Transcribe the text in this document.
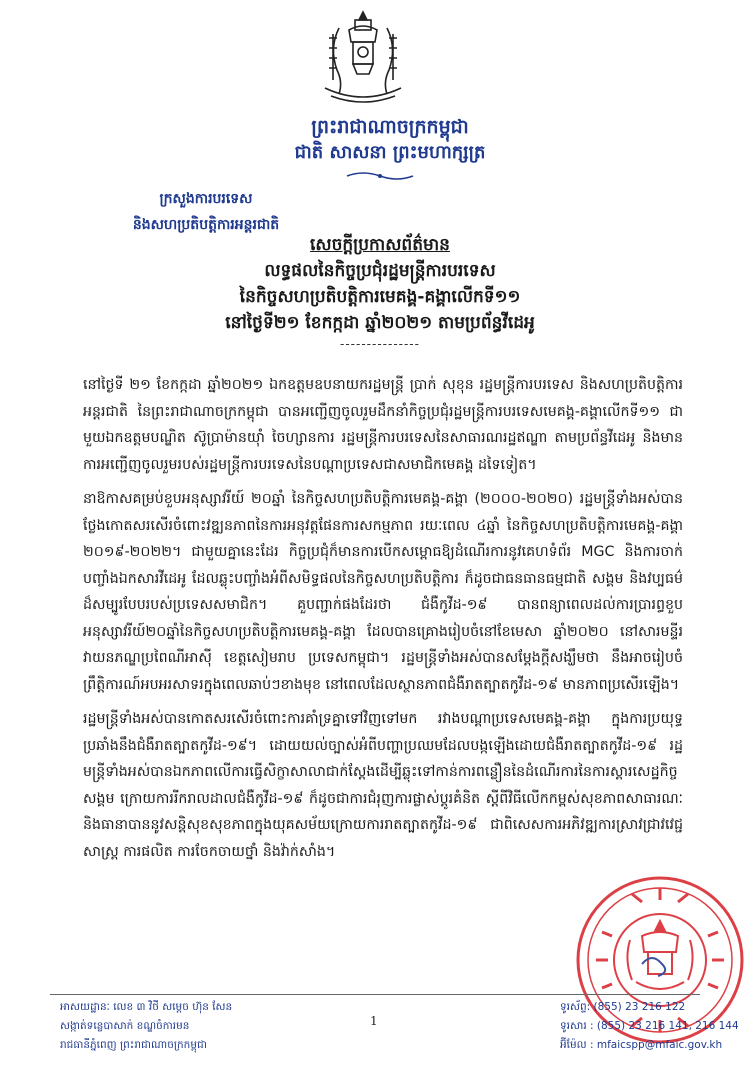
ព្រះរាជាណាចក្រកម្ពុជា
ជាតិ សាសនា ព្រះមហាក្សត្រ
ក្រសួងការបរទេស
និងសហប្រតិបត្តិការអន្តរជាតិ
សេចក្តីប្រកាសព័ត៌មាន
លទ្ធផលនៃកិច្ចប្រជុំរដ្ឋមន្ត្រីការបរទេស
នៃកិច្ចសហប្រតិបត្តិការមេគង្គ-គង្គាលើកទី១១
នៅថ្ងៃទី២១ ខែកក្កដា ឆ្នាំ២០២១ តាមប្រព័ន្ធវីដេអូ
---------------

នៅថ្ងៃទី ២១ ខែកក្កដា ឆ្នាំ២០២១ ឯកឧត្តមឧបនាយករដ្ឋមន្ត្រី ប្រាក់ សុខុន រដ្ឋមន្ត្រីការបរទេស និងសហប្រតិបត្តិការអន្តរជាតិ នៃព្រះរាជាណាចក្រកម្ពុជា បានអញ្ជើញចូលរួមដឹកនាំកិច្ចប្រជុំរដ្ឋមន្ត្រីការបរទេសមេគង្គ-គង្គាលើកទី១១ ជាមួយឯកឧត្តមបណ្ឌិត ស៊ូប្រាម៉ានយ៉ាំ ចៃហ្សានការ រដ្ឋមន្ត្រីការបរទេសនៃសាធារណរដ្ឋឥណ្ឌា តាមប្រព័ន្ធវីដេអូ និងមានការអញ្ជើញចូលរួមរបស់រដ្ឋមន្ត្រីការបរទេសនៃបណ្តាប្រទេសជាសមាជិកមេគង្គ ដទៃទៀត។

នាឱកាសគម្រប់ខួបអនុស្សាវរីយ៍ ២០ឆ្នាំ នៃកិច្ចសហប្រតិបត្តិការមេគង្គ-គង្គា (២០០០-២០២០) រដ្ឋមន្ត្រីទាំងអស់បានថ្លែងកោតសរសើរចំពោះវឌ្ឍនភាពនៃការអនុវត្តផែនការសកម្មភាព រយៈពេល ៤ឆ្នាំ នៃកិច្ចសហប្រតិបត្តិការមេគង្គ-គង្គា ២០១៩-២០២២។ ជាមួយគ្នានេះដែរ កិច្ចប្រជុំក៏មានការបើកសម្ពោធឱ្យដំណើរការនូវគេហទំព័រ MGC និងការចាក់បញ្ចាំងឯកសារវីដេអូ ដែលឆ្លុះបញ្ចាំងអំពីសមិទ្ធផលនៃកិច្ចសហប្រតិបត្តិការ ក៏ដូចជាធនធានធម្មជាតិ សង្គម និងវប្បធម៌ដ៏សម្បូរបែបរបស់ប្រទេសសមាជិក។ គួបញ្ជាក់ផងដែរថា ជំងឺកូវីដ-១៩ បានពន្យាពេលដល់ការប្រារព្ធខួបអនុស្សាវរីយ៍២០ឆ្នាំនៃកិច្ចសហប្រតិបត្តិការមេគង្គ-គង្គា ដែលបានគ្រោងរៀបចំនៅខែមេសា ឆ្នាំ២០២០ នៅសារមន្ទីរវាយនភណ្ឌប្រពៃណីអាស៊ី ខេត្តសៀមរាប ប្រទេសកម្ពុជា។ រដ្ឋមន្ត្រីទាំងអស់បានសម្តែងក្តីសង្ឃឹមថា នឹងអាចរៀបចំព្រឹត្តិការណ៍អបអរសាទរក្នុងពេលឆាប់ៗខាងមុខ នៅពេលដែលស្ថានភាពជំងឺរាតត្បាតកូវីដ-១៩ មានភាពប្រសើរឡើង។

រដ្ឋមន្ត្រីទាំងអស់បានកោតសរសើរចំពោះការគាំទ្រគ្នាទៅវិញទៅមក រវាងបណ្តាប្រទេសមេគង្គ-គង្គា ក្នុងការប្រយុទ្ធប្រឆាំងនឹងជំងឺរាតត្បាតកូវីដ-១៩។ ដោយយល់ច្បាស់អំពីបញ្ហាប្រឈមដែលបង្កឡើងដោយជំងឺរាតត្បាតកូវីដ-១៩ រដ្ឋមន្ត្រីទាំងអស់បានឯកភាពលើការធ្វើសិក្ខាសាលាជាក់ស្តែងដើម្បីឆ្លុះទៅកាន់ការពន្លឿននៃដំណើរការនៃការស្តារសេដ្ឋកិច្ចសង្គម ក្រោយការរីករាលដាលជំងឺកូវីដ-១៩ ក៏ដូចជាការជំរុញការផ្លាស់ប្តូរគំនិត ស្តីពីវិធីលើកកម្ពស់សុខភាពសាធារណៈ និងធានាបាននូវសន្តិសុខសុខភាពក្នុងយុគសម័យក្រោយការរាតត្បាតកូវីដ-១៩ ជាពិសេសការអភិវឌ្ឍការស្រាវជ្រាវវេជ្ជសាស្ត្រ ការផលិត ការចែកចាយថ្នាំ និងវ៉ាក់សាំង។

អាសយដ្ឋានៈ លេខ ៣ វិថី សម្តេច ហ៊ុន សែន
សង្កាត់ទន្លេបាសាក់ ខណ្ឌចំការមន
រាជធានីភ្នំពេញ ព្រះរាជាណាចក្រកម្ពុជា
1
ទូរស័ព្ទ: (855) 23 216 122
ទូរសារ : (855) 23 216 141, 216 144
អ៊ីម៉ែល : mfaicspp@mfaic.gov.kh
